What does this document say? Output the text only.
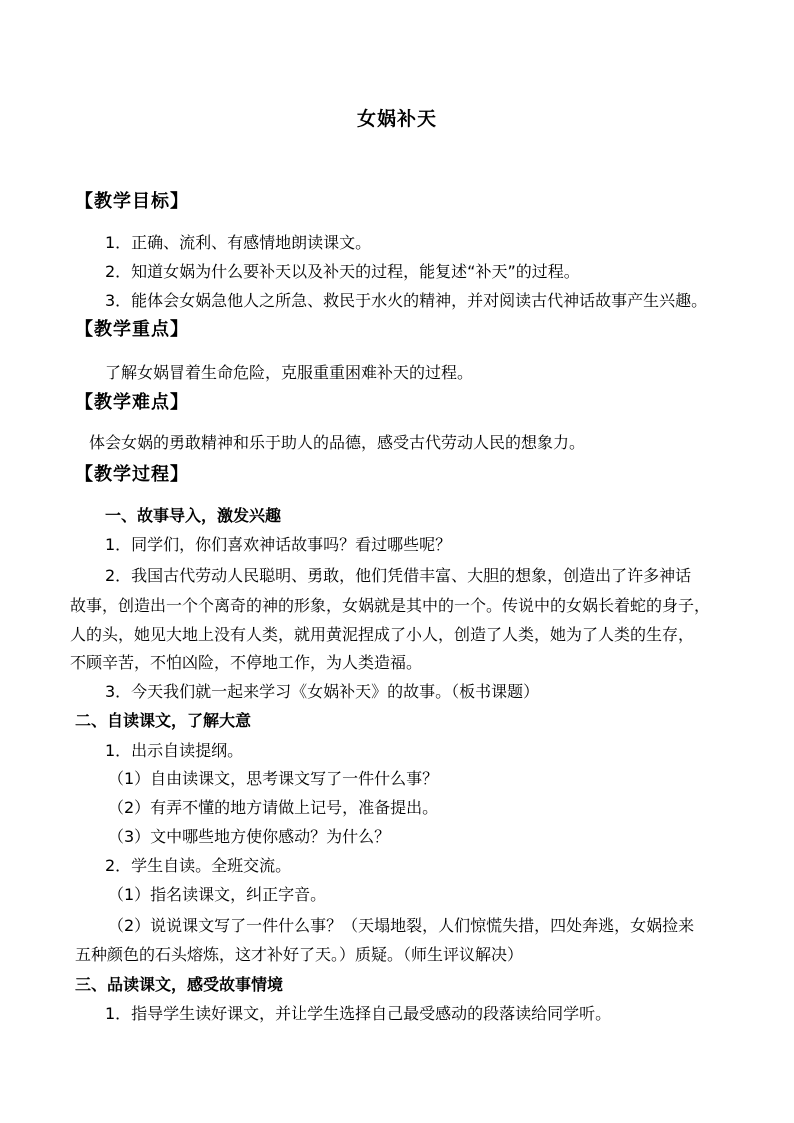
女娲补天
【教学目标】
1．正确、流利、有感情地朗读课文。
2．知道女娲为什么要补天以及补天的过程，能复述“补天”的过程。
3．能体会女娲急他人之所急、救民于水火的精神，并对阅读古代神话故事产生兴趣。
【教学重点】
了解女娲冒着生命危险，克服重重困难补天的过程。
【教学难点】
体会女娲的勇敢精神和乐于助人的品德，感受古代劳动人民的想象力。
【教学过程】
一、故事导入，激发兴趣
1．同学们，你们喜欢神话故事吗？看过哪些呢？
2．我国古代劳动人民聪明、勇敢，他们凭借丰富、大胆的想象，创造出了许多神话
故事，创造出一个个离奇的神的形象，女娲就是其中的一个。传说中的女娲长着蛇的身子，
人的头，她见大地上没有人类，就用黄泥捏成了小人，创造了人类，她为了人类的生存，
不顾辛苦，不怕凶险，不停地工作，为人类造福。
3．今天我们就一起来学习《女娲补天》的故事。（板书课题）
二、自读课文，了解大意
1．出示自读提纲。
（1）自由读课文，思考课文写了一件什么事？
（2）有弄不懂的地方请做上记号，准备提出。
（3）文中哪些地方使你感动？为什么？
2．学生自读。全班交流。
（1）指名读课文，纠正字音。
（2）说说课文写了一件什么事？（天塌地裂，人们惊慌失措，四处奔逃，女娲捡来
五种颜色的石头熔炼，这才补好了天。）质疑。（师生评议解决）
三、品读课文，感受故事情境
1．指导学生读好课文，并让学生选择自己最受感动的段落读给同学听。
